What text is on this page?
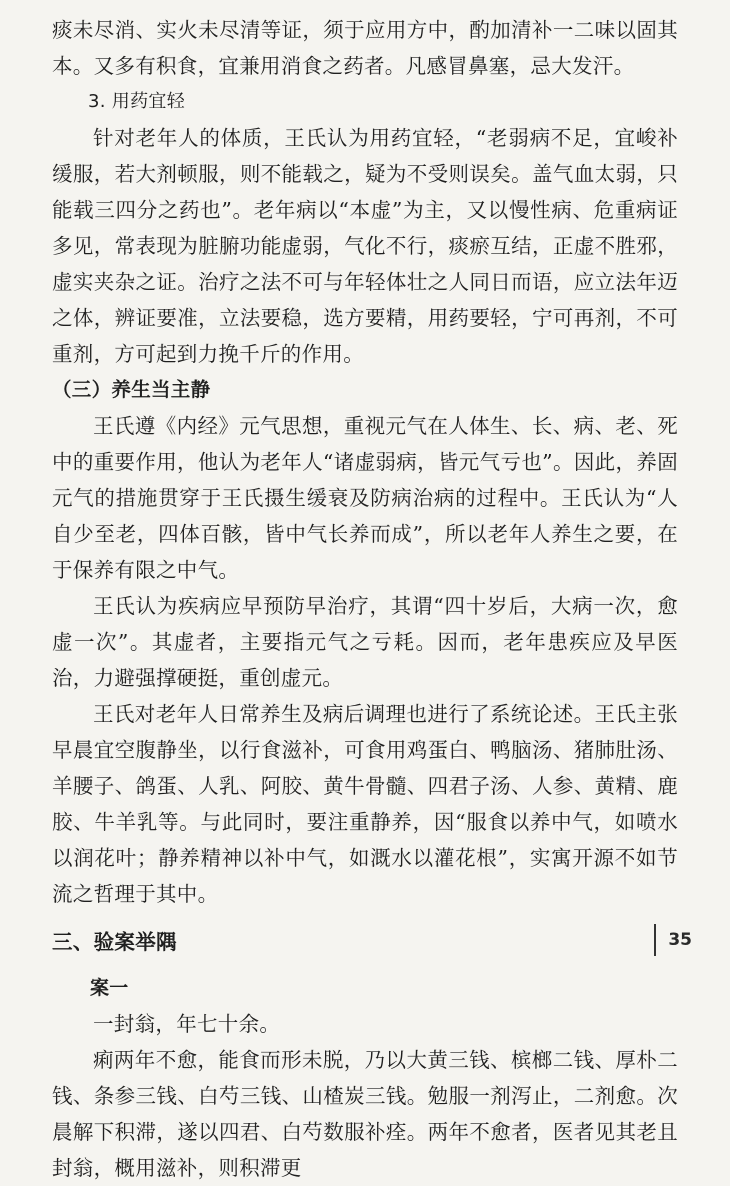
痰未尽消、实火未尽清等证，须于应用方中，酌加清补一二味以固其本。又多有积食，宜兼用消食之药者。凡感冒鼻塞，忌大发汗。

3. 用药宜轻

针对老年人的体质，王氏认为用药宜轻，“老弱病不足，宜峻补缓服，若大剂顿服，则不能载之，疑为不受则误矣。盖气血太弱，只能载三四分之药也”。老年病以“本虚”为主，又以慢性病、危重病证多见，常表现为脏腑功能虚弱，气化不行，痰瘀互结，正虚不胜邪，虚实夹杂之证。治疗之法不可与年轻体壮之人同日而语，应立法年迈之体，辨证要准，立法要稳，选方要精，用药要轻，宁可再剂，不可重剂，方可起到力挽千斤的作用。

（三）养生当主静

王氏遵《内经》元气思想，重视元气在人体生、长、病、老、死中的重要作用，他认为老年人“诸虚弱病，皆元气亏也”。因此，养固元气的措施贯穿于王氏摄生缓衰及防病治病的过程中。王氏认为“人自少至老，四体百骸，皆中气长养而成”，所以老年人养生之要，在于保养有限之中气。

王氏认为疾病应早预防早治疗，其谓“四十岁后，大病一次，愈虚一次”。其虚者，主要指元气之亏耗。因而，老年患疾应及早医治，力避强撑硬挺，重创虚元。

王氏对老年人日常养生及病后调理也进行了系统论述。王氏主张早晨宜空腹静坐，以行食滋补，可食用鸡蛋白、鸭脑汤、猪肺肚汤、羊腰子、鸽蛋、人乳、阿胶、黄牛骨髓、四君子汤、人参、黄精、鹿胶、牛羊乳等。与此同时，要注重静养，因“服食以养中气，如喷水以润花叶；静养精神以补中气，如溉水以灌花根”，实寓开源不如节流之哲理于其中。

三、验案举隅

案一

一封翁，年七十余。

痢两年不愈，能食而形未脱，乃以大黄三钱、槟榔二钱、厚朴二钱、条参三钱、白芍三钱、山楂炭三钱。勉服一剂泻止，二剂愈。次晨解下积滞，遂以四君、白芍数服补痊。两年不愈者，医者见其老且封翁，概用滋补，则积滞更

35
